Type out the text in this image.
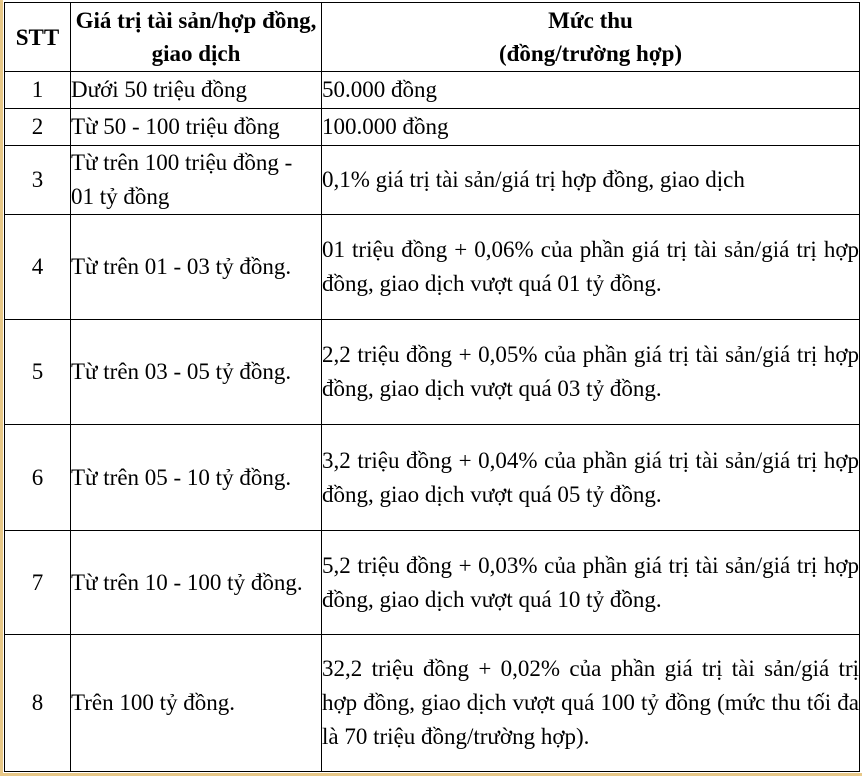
STT	Giá trị tài sản/hợp đồng, giao dịch	Mức thu
(đồng/trường hợp)

1	Dưới 50 triệu đồng	50.000 đồng
2	Từ 50 - 100 triệu đồng	100.000 đồng
3	Từ trên 100 triệu đồng - 01 tỷ đồng	0,1% giá trị tài sản/giá trị hợp đồng, giao dịch
4	Từ trên 01 - 03 tỷ đồng.	01 triệu đồng + 0,06% của phần giá trị tài sản/giá trị hợp đồng, giao dịch vượt quá 01 tỷ đồng.
5	Từ trên 03 - 05 tỷ đồng.	2,2 triệu đồng + 0,05% của phần giá trị tài sản/giá trị hợp đồng, giao dịch vượt quá 03 tỷ đồng.
6	Từ trên 05 - 10 tỷ đồng.	3,2 triệu đồng + 0,04% của phần giá trị tài sản/giá trị hợp đồng, giao dịch vượt quá 05 tỷ đồng.
7	Từ trên 10 - 100 tỷ đồng.	5,2 triệu đồng + 0,03% của phần giá trị tài sản/giá trị hợp đồng, giao dịch vượt quá 10 tỷ đồng.
8	Trên 100 tỷ đồng.	32,2 triệu đồng + 0,02% của phần giá trị tài sản/giá trị hợp đồng, giao dịch vượt quá 100 tỷ đồng (mức thu tối đa là 70 triệu đồng/trường hợp).
